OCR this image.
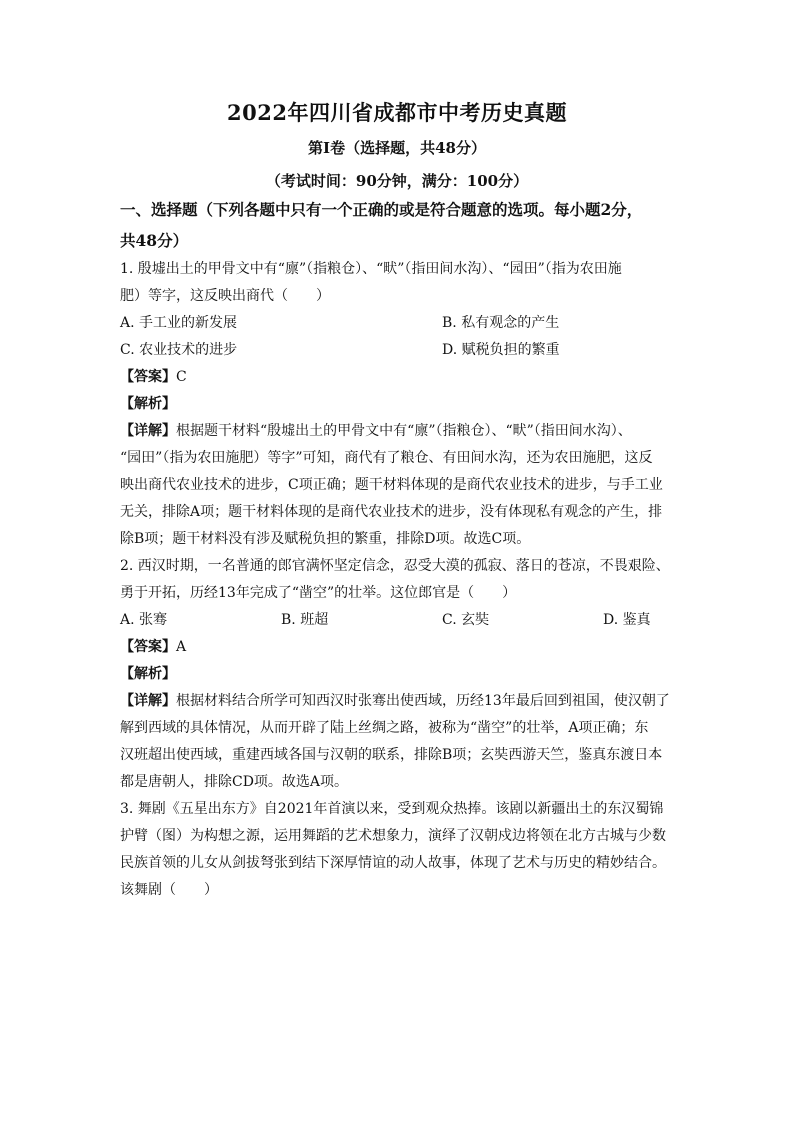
2022年四川省成都市中考历史真题
第Ⅰ卷（选择题，共48分）
（考试时间：90分钟，满分：100分）
一、选择题（下列各题中只有一个正确的或是符合题意的选项。每小题2分，
共48分）
1. 殷墟出土的甲骨文中有“廪”（指粮仓）、“畎”（指田间水沟）、“园田”（指为农田施
肥）等字，这反映出商代（　　）
A. 手工业的新发展	B. 私有观念的产生
C. 农业技术的进步	D. 赋税负担的繁重
【答案】C
【解析】
【详解】根据题干材料“殷墟出土的甲骨文中有“廪”（指粮仓）、“畎”（指田间水沟）、
“园田”（指为农田施肥）等字”可知，商代有了粮仓、有田间水沟，还为农田施肥，这反
映出商代农业技术的进步，C项正确；题干材料体现的是商代农业技术的进步，与手工业
无关，排除A项；题干材料体现的是商代农业技术的进步，没有体现私有观念的产生，排
除B项；题干材料没有涉及赋税负担的繁重，排除D项。故选C项。
2. 西汉时期，一名普通的郎官满怀坚定信念，忍受大漠的孤寂、落日的苍凉，不畏艰险、
勇于开拓，历经13年完成了“凿空”的壮举。这位郎官是（　　）
A. 张骞	B. 班超	C. 玄奘	D. 鉴真
【答案】A
【解析】
【详解】根据材料结合所学可知西汉时张骞出使西域，历经13年最后回到祖国，使汉朝了
解到西域的具体情况，从而开辟了陆上丝绸之路，被称为“凿空”的壮举，A项正确；东
汉班超出使西域，重建西域各国与汉朝的联系，排除B项；玄奘西游天竺，鉴真东渡日本
都是唐朝人，排除CD项。故选A项。
3. 舞剧《五星出东方》自2021年首演以来，受到观众热捧。该剧以新疆出土的东汉蜀锦
护臂（图）为构想之源，运用舞蹈的艺术想象力，演绎了汉朝戍边将领在北方古城与少数
民族首领的儿女从剑拔弩张到结下深厚情谊的动人故事，体现了艺术与历史的精妙结合。
该舞剧（　　）
